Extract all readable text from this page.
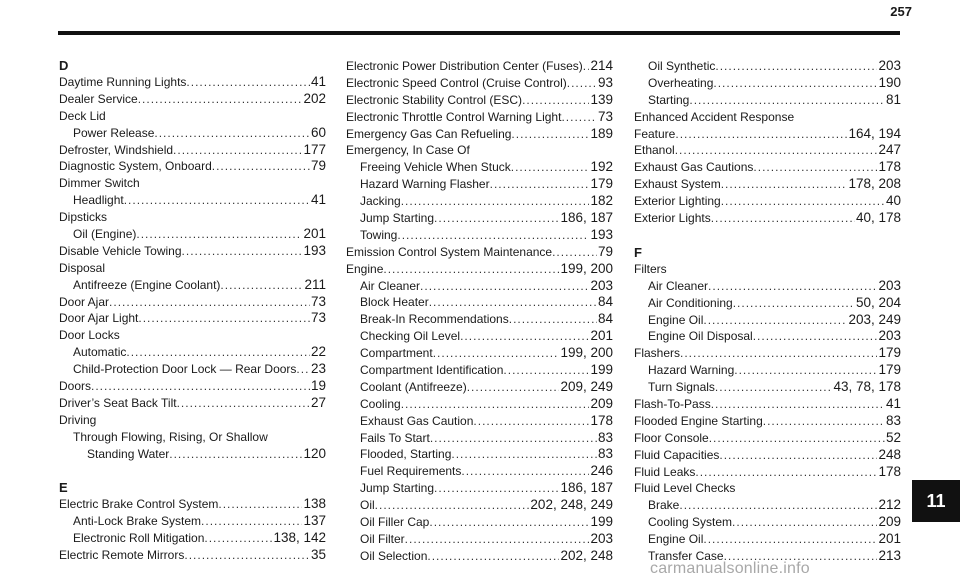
257
D
Daytime Running Lights .....	41
Dealer Service .....	202
Deck Lid
Power Release .....	60
Defroster, Windshield .....	177
Diagnostic System, Onboard .....	79
Dimmer Switch
Headlight .....	41
Dipsticks
Oil (Engine) .....	201
Disable Vehicle Towing .....	193
Disposal
Antifreeze (Engine Coolant) .....	211
Door Ajar .....	73
Door Ajar Light .....	73
Door Locks
Automatic .....	22
Child-Protection Door Lock — Rear Doors ..... 23
Doors .....	19
Driver’s Seat Back Tilt .....	27
Driving
Through Flowing, Rising, Or Shallow
Standing Water .....	120
E
Electric Brake Control System .....	138
Anti-Lock Brake System .....	137
Electronic Roll Mitigation .....	138, 142
Electric Remote Mirrors .....	35
Electronic Power Distribution Center (Fuses) ..... 214
Electronic Speed Control (Cruise Control) ..... 93
Electronic Stability Control (ESC) .....	139
Electronic Throttle Control Warning Light .....	73
Emergency Gas Can Refueling .....	189
Emergency, In Case Of
Freeing Vehicle When Stuck .....	192
Hazard Warning Flasher .....	179
Jacking .....	182
Jump Starting .....	186, 187
Towing .....	193
Emission Control System Maintenance .....	79
Engine .....	199, 200
Air Cleaner .....	203
Block Heater .....	84
Break-In Recommendations .....	84
Checking Oil Level .....	201
Compartment .....	199, 200
Compartment Identification .....	199
Coolant (Antifreeze) .....	209, 249
Cooling .....	209
Exhaust Gas Caution .....	178
Fails To Start .....	83
Flooded, Starting .....	83
Fuel Requirements .....	246
Jump Starting .....	186, 187
Oil .....	202, 248, 249
Oil Filler Cap .....	199
Oil Filter .....	203
Oil Selection .....	202, 248
Oil Synthetic .....	203
Overheating .....	190
Starting .....	81
Enhanced Accident Response
Feature .....	164, 194
Ethanol .....	247
Exhaust Gas Cautions .....	178
Exhaust System .....	178, 208
Exterior Lighting .....	40
Exterior Lights .....	40, 178
F
Filters
Air Cleaner .....	203
Air Conditioning .....	50, 204
Engine Oil .....	203, 249
Engine Oil Disposal .....	203
Flashers .....	179
Hazard Warning .....	179
Turn Signals .....	43, 78, 178
Flash-To-Pass .....	41
Flooded Engine Starting .....	83
Floor Console .....	52
Fluid Capacities .....	248
Fluid Leaks .....	178
Fluid Level Checks
Brake .....	212
Cooling System .....	209
Engine Oil .....	201
Transfer Case .....	213
11
carmanualsonline.info
